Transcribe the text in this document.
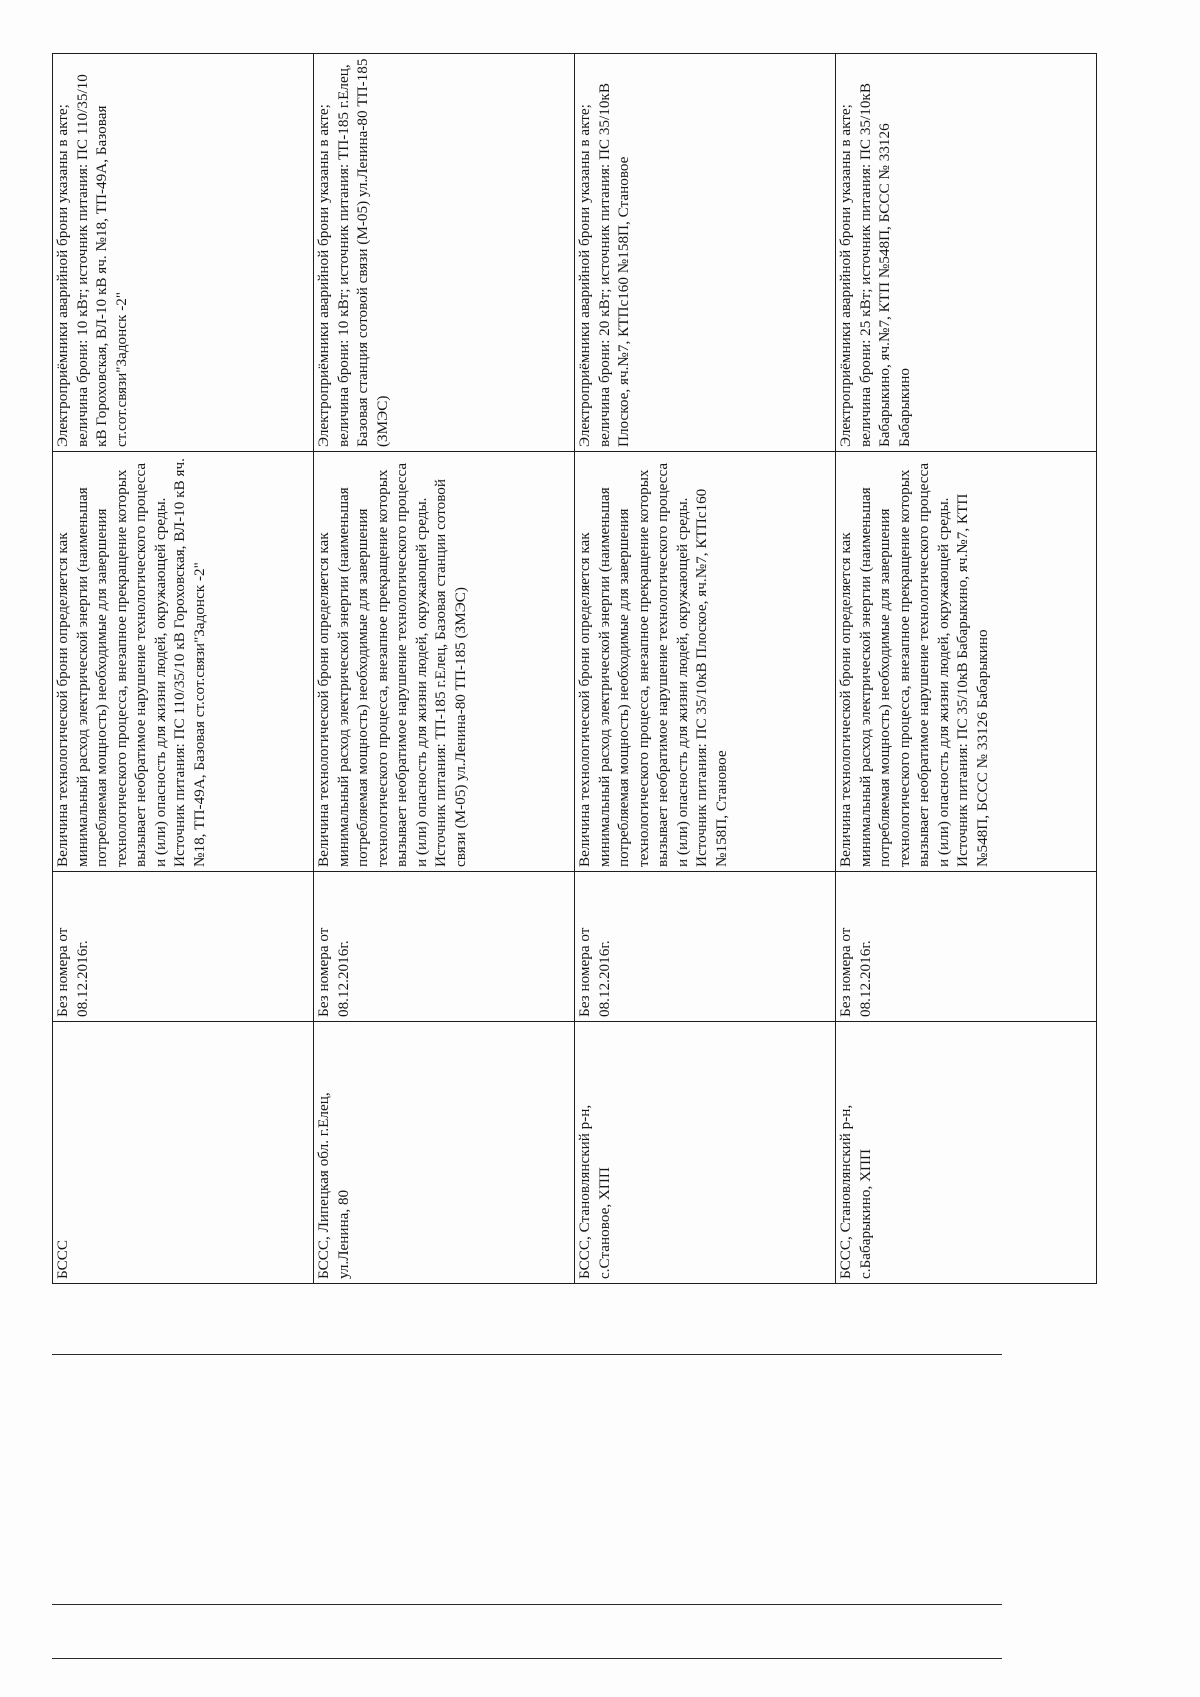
БССС	Без номера от 08.12.2016г.	Величина технологической брони определяется как минимальный расход электрической энергии (наименьшая потребляемая мощность) необходимые для завершения технологического процесса, внезапное прекращение которых вызывает необратимое нарушение технологического процесса и (или) опасность для жизни людей, окружающей среды. Источник питания: ПС 110/35/10 кВ Гороховская, ВЛ-10 кВ яч. №18, ТП-49А, Базовая ст.сот.связи"Задонск -2"	Электроприёмники аварийной брони указаны в акте; величина брони: 10 кВт; источник питания: ПС 110/35/10 кВ Гороховская, ВЛ-10 кВ яч. №18, ТП-49А, Базовая ст.сот.связи"Задонск -2"

БССС, Липецкая обл. г.Елец, ул.Ленина, 80	Без номера от 08.12.2016г.	Величина технологической брони определяется как минимальный расход электрической энергии (наименьшая потребляемая мощность) необходимые для завершения технологического процесса, внезапное прекращение которых вызывает необратимое нарушение технологического процесса и (или) опасность для жизни людей, окружающей среды. Источник питания: ТП-185 г.Елец, Базовая станции сотовой связи (М-05) ул.Ленина-80 ТП-185 (ЗМЭС)	Электроприёмники аварийной брони указаны в акте; величина брони: 10 кВт; источник питания: ТП-185 г.Елец, Базовая станция сотовой связи (М-05) ул.Ленина-80 ТП-185 (ЗМЭС)

БССС, Становлянский р-н, с.Становое, ХПП	Без номера от 08.12.2016г.	Величина технологической брони определяется как минимальный расход электрической энергии (наименьшая потребляемая мощность) необходимые для завершения технологического процесса, внезапное прекращение которых вызывает необратимое нарушение технологического процесса и (или) опасность для жизни людей, окружающей среды. Источник питания: ПС 35/10кВ Плоское, яч.№7, КТПс160 №158П, Становое	Электроприёмники аварийной брони указаны в акте; величина брони: 20 кВт; источник питания: ПС 35/10кВ Плоское, яч.№7, КТПс160 №158П, Становое

БССС, Становлянский р-н, с.Бабарыкино, ХПП	Без номера от 08.12.2016г.	Величина технологической брони определяется как минимальный расход электрической энергии (наименьшая потребляемая мощность) необходимые для завершения технологического процесса, внезапное прекращение которых вызывает необратимое нарушение технологического процесса и (или) опасность для жизни людей, окружающей среды. Источник питания: ПС 35/10кВ Бабарыкино, яч.№7, КТП №548П, БССС № 33126 Бабарыкино	Электроприёмники аварийной брони указаны в акте; величина брони: 25 кВт; источник питания: ПС 35/10кВ Бабарыкино, яч.№7, КТП №548П, БССС № 33126 Бабарыкино
